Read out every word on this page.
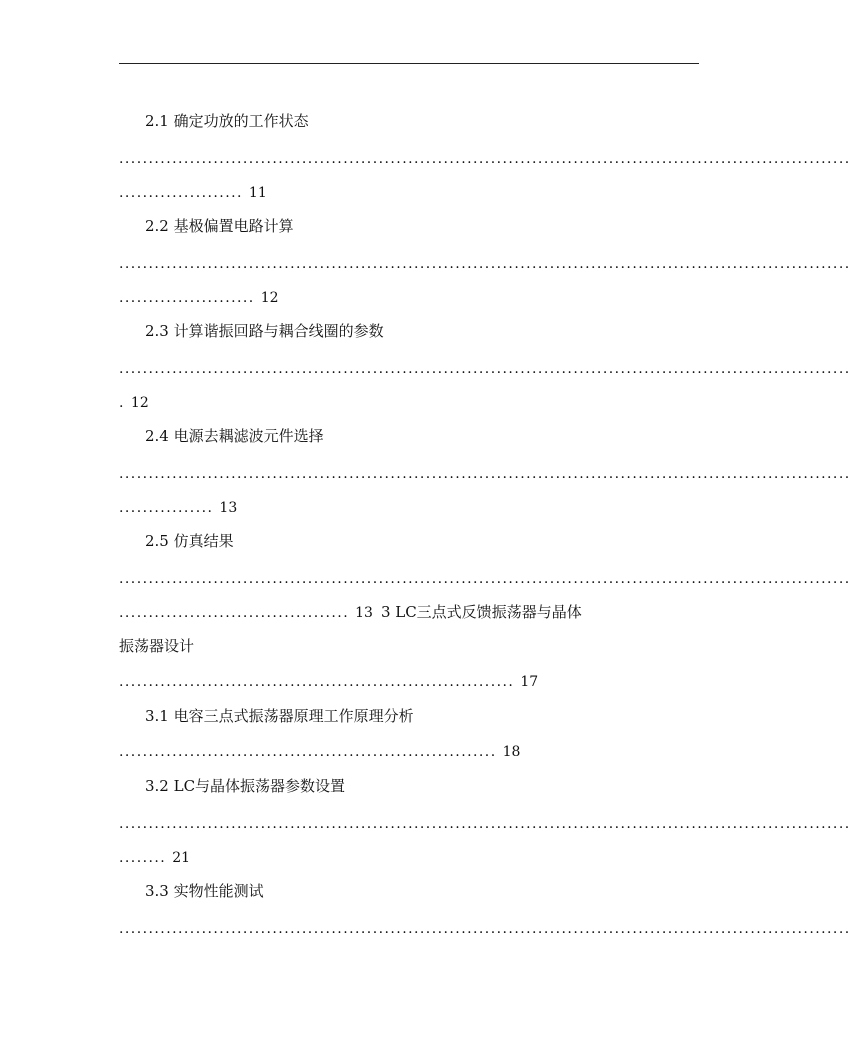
2.1 确定功放的工作状态
............................................................................................................................
..................... 11
2.2 基极偏置电路计算
............................................................................................................................
....................... 12
2.3 计算谐振回路与耦合线圈的参数
............................................................................................................................
. 12
2.4 电源去耦滤波元件选择
............................................................................................................................
................ 13
2.5 仿真结果
............................................................................................................................
....................................... 13 3 LC三点式反馈振荡器与晶体
振荡器设计
................................................................... 17
3.1 电容三点式振荡器原理工作原理分析
................................................................ 18
3.2 LC与晶体振荡器参数设置
............................................................................................................................
........ 21
3.3 实物性能测试
............................................................................................................................
